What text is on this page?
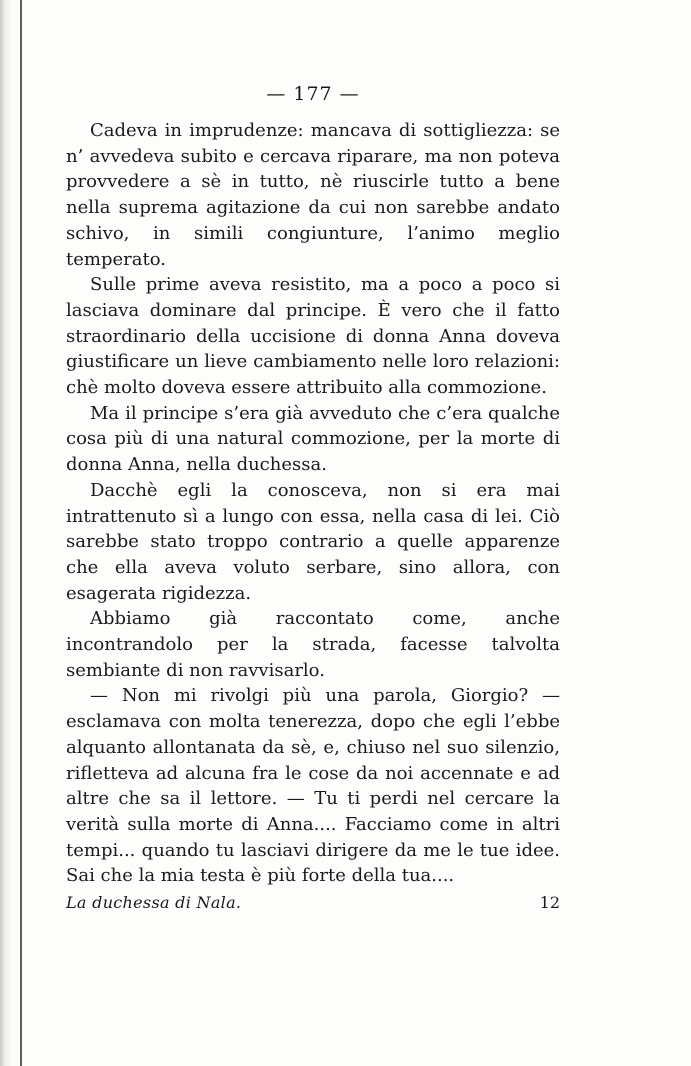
— 177 —

Cadeva in imprudenze: mancava di sottigliezza: se n’ avvedeva subito e cercava riparare, ma non poteva provvedere a sè in tutto, nè riuscirle tutto a bene nella suprema agitazione da cui non sarebbe andato schivo, in simili congiunture, l’animo meglio temperato.

Sulle prime aveva resistito, ma a poco a poco si lasciava dominare dal principe. È vero che il fatto straordinario della uccisione di donna Anna doveva giustificare un lieve cambiamento nelle loro relazioni: chè molto doveva essere attribuito alla commozione.

Ma il principe s’era già avveduto che c’era qualche cosa più di una natural commozione, per la morte di donna Anna, nella duchessa.

Dacchè egli la conosceva, non si era mai intrattenuto sì a lungo con essa, nella casa di lei. Ciò sarebbe stato troppo contrario a quelle apparenze che ella aveva voluto serbare, sino allora, con esagerata rigidezza.

Abbiamo già raccontato come, anche incontrandolo per la strada, facesse talvolta sembiante di non ravvisarlo.

— Non mi rivolgi più una parola, Giorgio? — esclamava con molta tenerezza, dopo che egli l’ebbe alquanto allontanata da sè, e, chiuso nel suo silenzio, rifletteva ad alcuna fra le cose da noi accennate e ad altre che sa il lettore. — Tu ti perdi nel cercare la verità sulla morte di Anna.... Facciamo come in altri tempi... quando tu lasciavi dirigere da me le tue idee. Sai che la mia testa è più forte della tua....

La duchessa di Nala.	12
